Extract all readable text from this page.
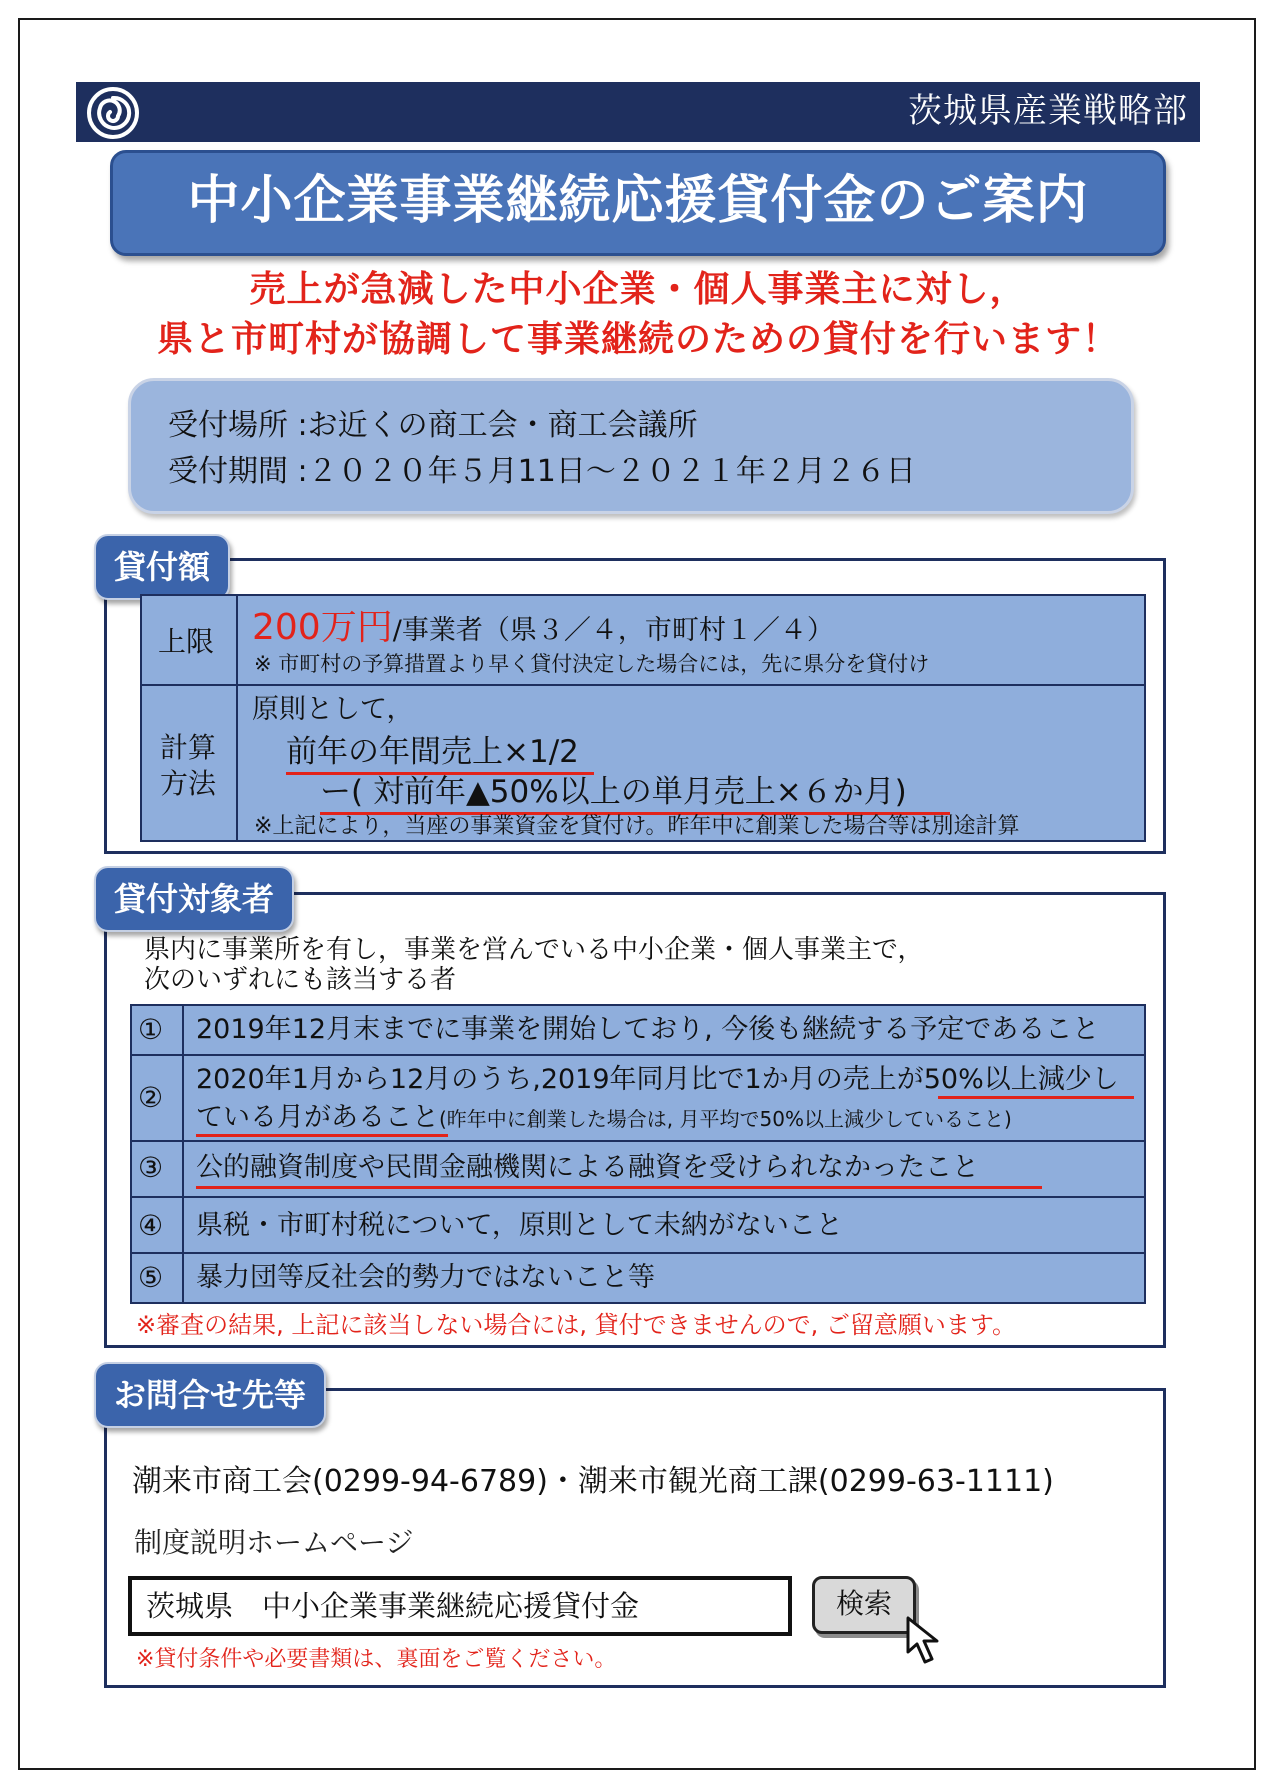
茨城県産業戦略部
中小企業事業継続応援貸付金のご案内
売上が急減した中小企業・個人事業主に対し，
県と市町村が協調して事業継続のための貸付を行います！
受付場所 :お近くの商工会・商工会議所
受付期間 :２０２０年５月11日～２０２１年２月２６日
貸付額
上限 200万円/事業者（県３／４，市町村１／４）
※ 市町村の予算措置より早く貸付決定した場合には，先に県分を貸付け
計算
方法
原則として，
前年の年間売上×1/2
ー( 対前年▲50%以上の単月売上×６か月)
※上記により，当座の事業資金を貸付け。昨年中に創業した場合等は別途計算
貸付対象者
県内に事業所を有し，事業を営んでいる中小企業・個人事業主で，
次のいずれにも該当する者
① 2019年12月末までに事業を開始しており, 今後も継続する予定であること
②
2020年1月から12月のうち,2019年同月比で1か月の売上が50%以上減少し
ている月があること(昨年中に創業した場合は, 月平均で50%以上減少していること)
③ 公的融資制度や民間金融機関による融資を受けられなかったこと
④ 県税・市町村税について，原則として未納がないこと
⑤ 暴力団等反社会的勢力ではないこと等
※審査の結果, 上記に該当しない場合には, 貸付できませんので, ご留意願います。
お問合せ先等
潮来市商工会(0299-94-6789)・潮来市観光商工課(0299-63-1111)
制度説明ホームページ
茨城県　中小企業事業継続応援貸付金	検索
※貸付条件や必要書類は、裏面をご覧ください。
